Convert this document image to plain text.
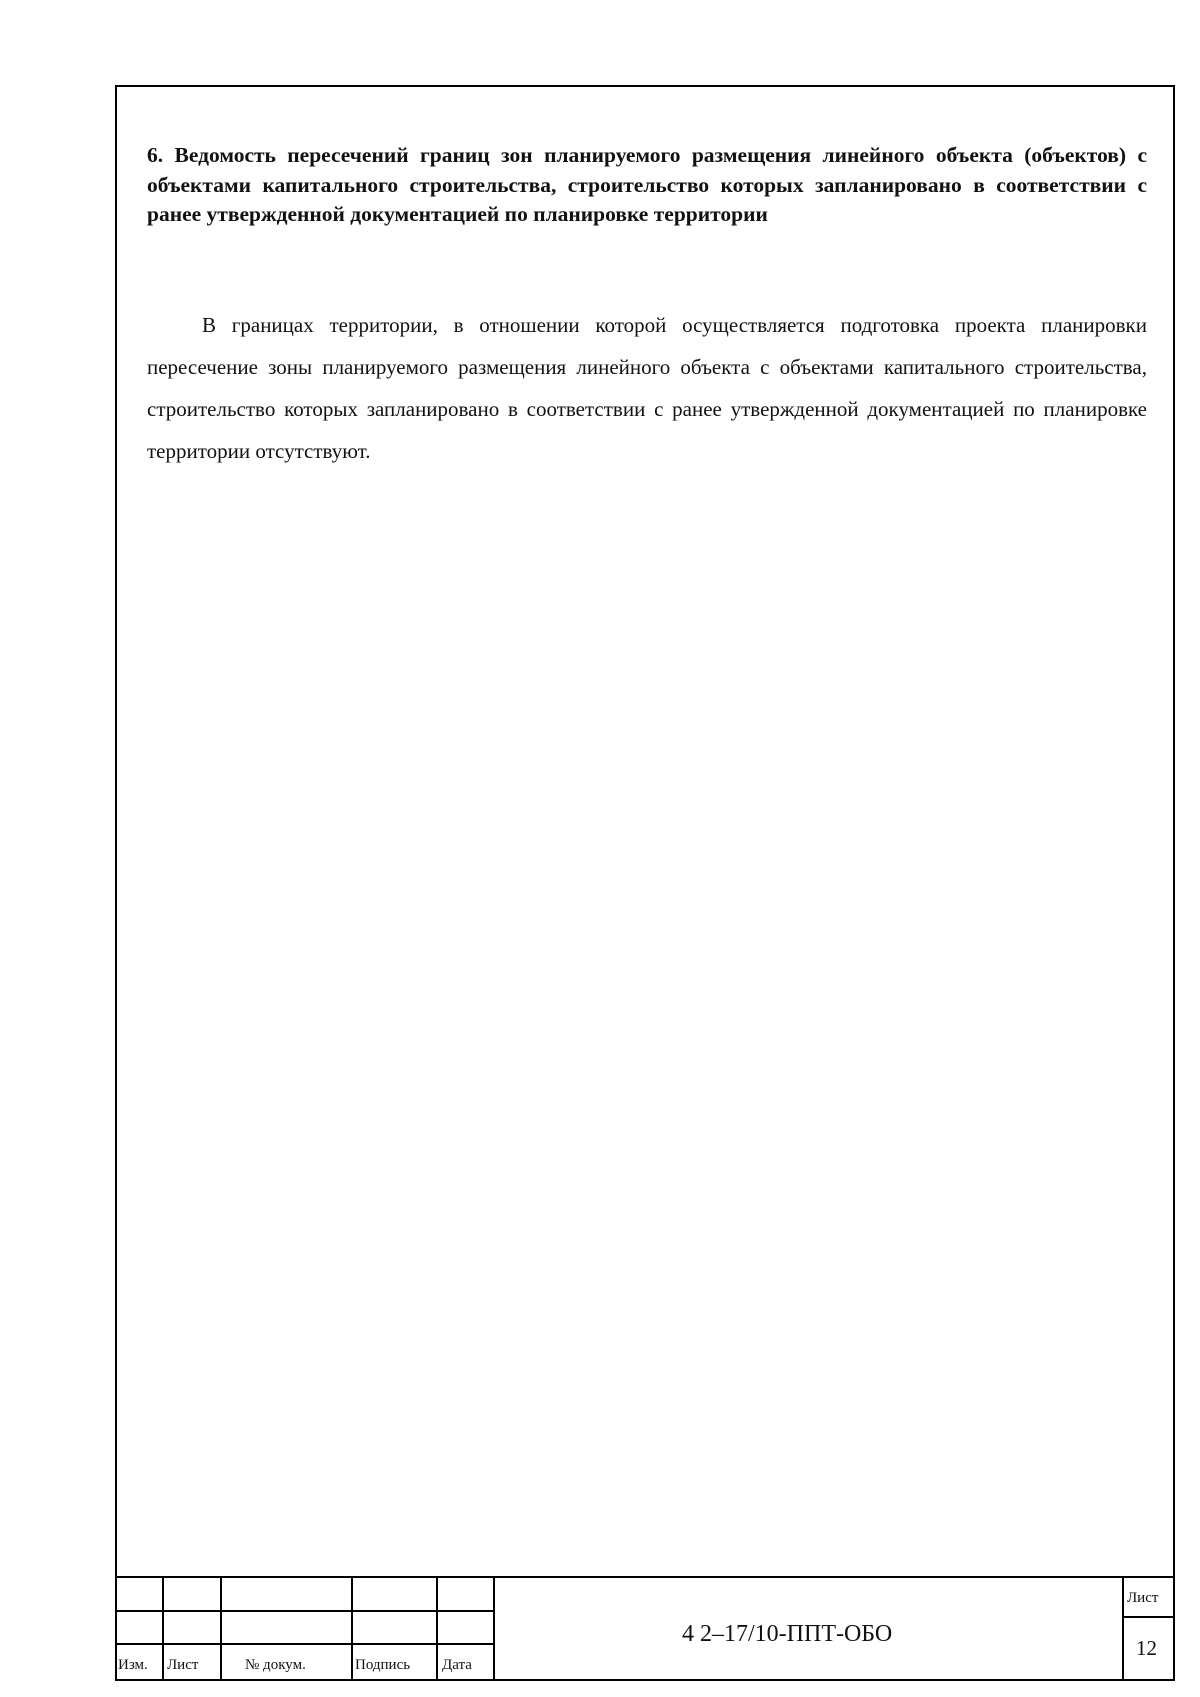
6. Ведомость пересечений границ зон планируемого размещения линейного объекта (объектов) с объектами капитального строительства, строительство которых запланировано в соответствии с ранее утвержденной документацией по планировке территории

В границах территории, в отношении которой осуществляется подготовка проекта планировки пересечение зоны планируемого размещения линейного объекта с объектами капитального строительства, строительство которых запланировано в соответствии с ранее утвержденной документацией по планировке территории отсутствуют.

Изм. Лист	№ докум.	Подпись Дата
4 2–17/10-ППТ-ОБО
Лист
12
